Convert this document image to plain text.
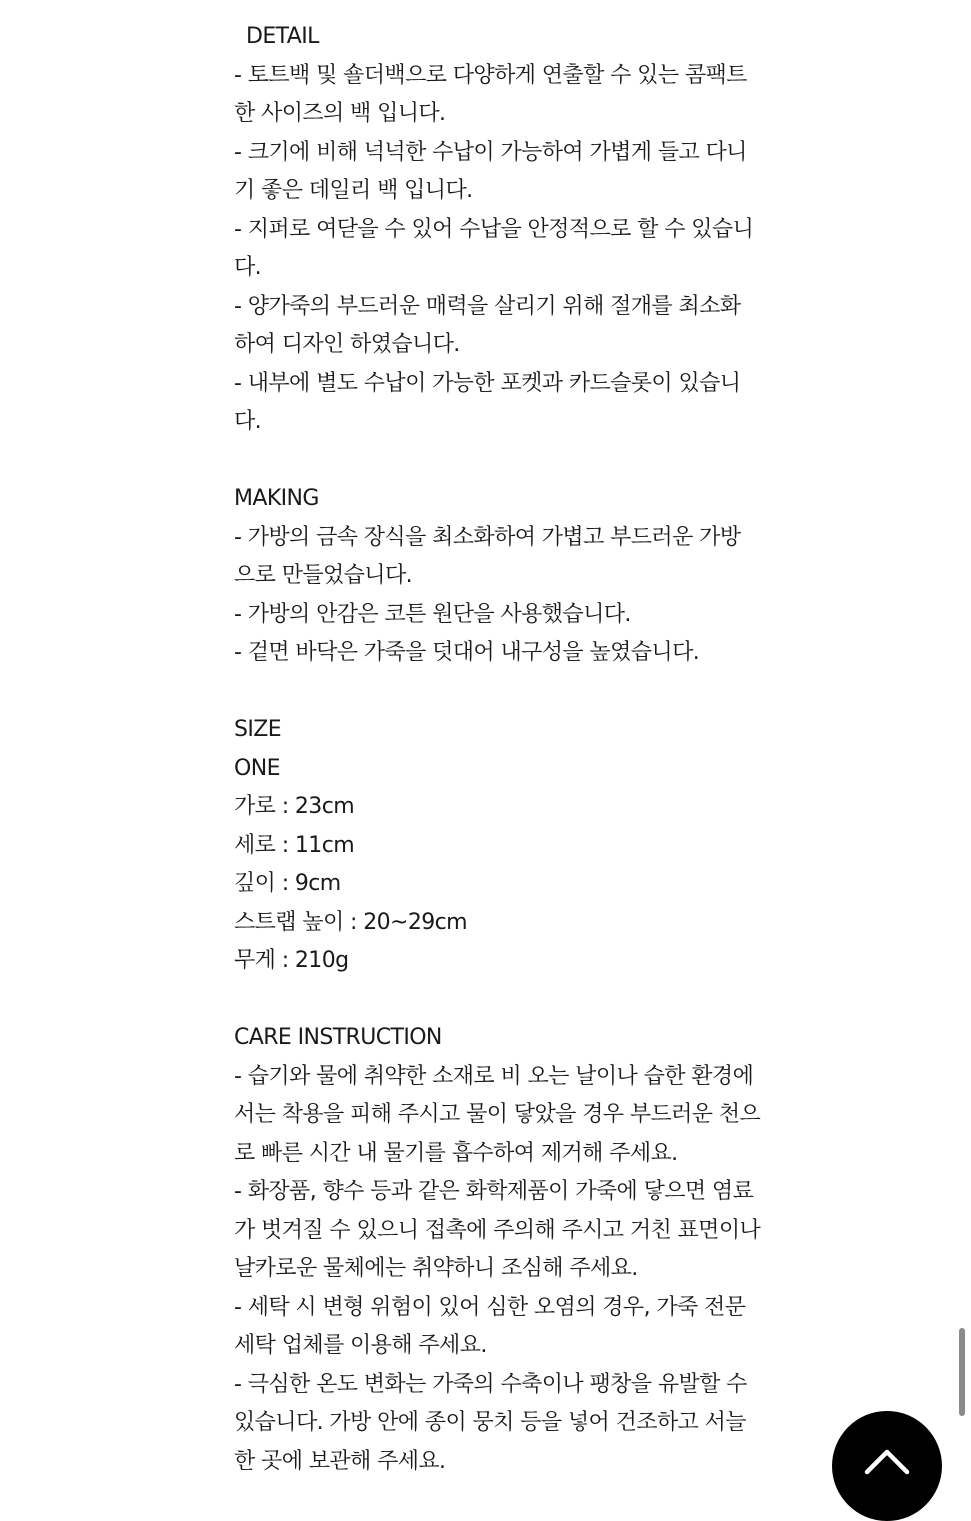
DETAIL
- 토트백 및 숄더백으로 다양하게 연출할 수 있는 콤팩트
한 사이즈의 백 입니다.
- 크기에 비해 넉넉한 수납이 가능하여 가볍게 들고 다니
기 좋은 데일리 백 입니다.
- 지퍼로 여닫을 수 있어 수납을 안정적으로 할 수 있습니
다.
- 양가죽의 부드러운 매력을 살리기 위해 절개를 최소화
하여 디자인 하였습니다.
- 내부에 별도 수납이 가능한 포켓과 카드슬롯이 있습니
다.
MAKING
- 가방의 금속 장식을 최소화하여 가볍고 부드러운 가방
으로 만들었습니다.
- 가방의 안감은 코튼 원단을 사용했습니다.
- 겉면 바닥은 가죽을 덧대어 내구성을 높였습니다.
SIZE
ONE
가로 : 23cm
세로 : 11cm
깊이 : 9cm
스트랩 높이 : 20~29cm
무게 : 210g
CARE INSTRUCTION
- 습기와 물에 취약한 소재로 비 오는 날이나 습한 환경에
서는 착용을 피해 주시고 물이 닿았을 경우 부드러운 천으
로 빠른 시간 내 물기를 흡수하여 제거해 주세요.
- 화장품, 향수 등과 같은 화학제품이 가죽에 닿으면 염료
가 벗겨질 수 있으니 접촉에 주의해 주시고 거친 표면이나
날카로운 물체에는 취약하니 조심해 주세요.
- 세탁 시 변형 위험이 있어 심한 오염의 경우, 가죽 전문
세탁 업체를 이용해 주세요.
- 극심한 온도 변화는 가죽의 수축이나 팽창을 유발할 수
있습니다. 가방 안에 종이 뭉치 등을 넣어 건조하고 서늘
한 곳에 보관해 주세요.
